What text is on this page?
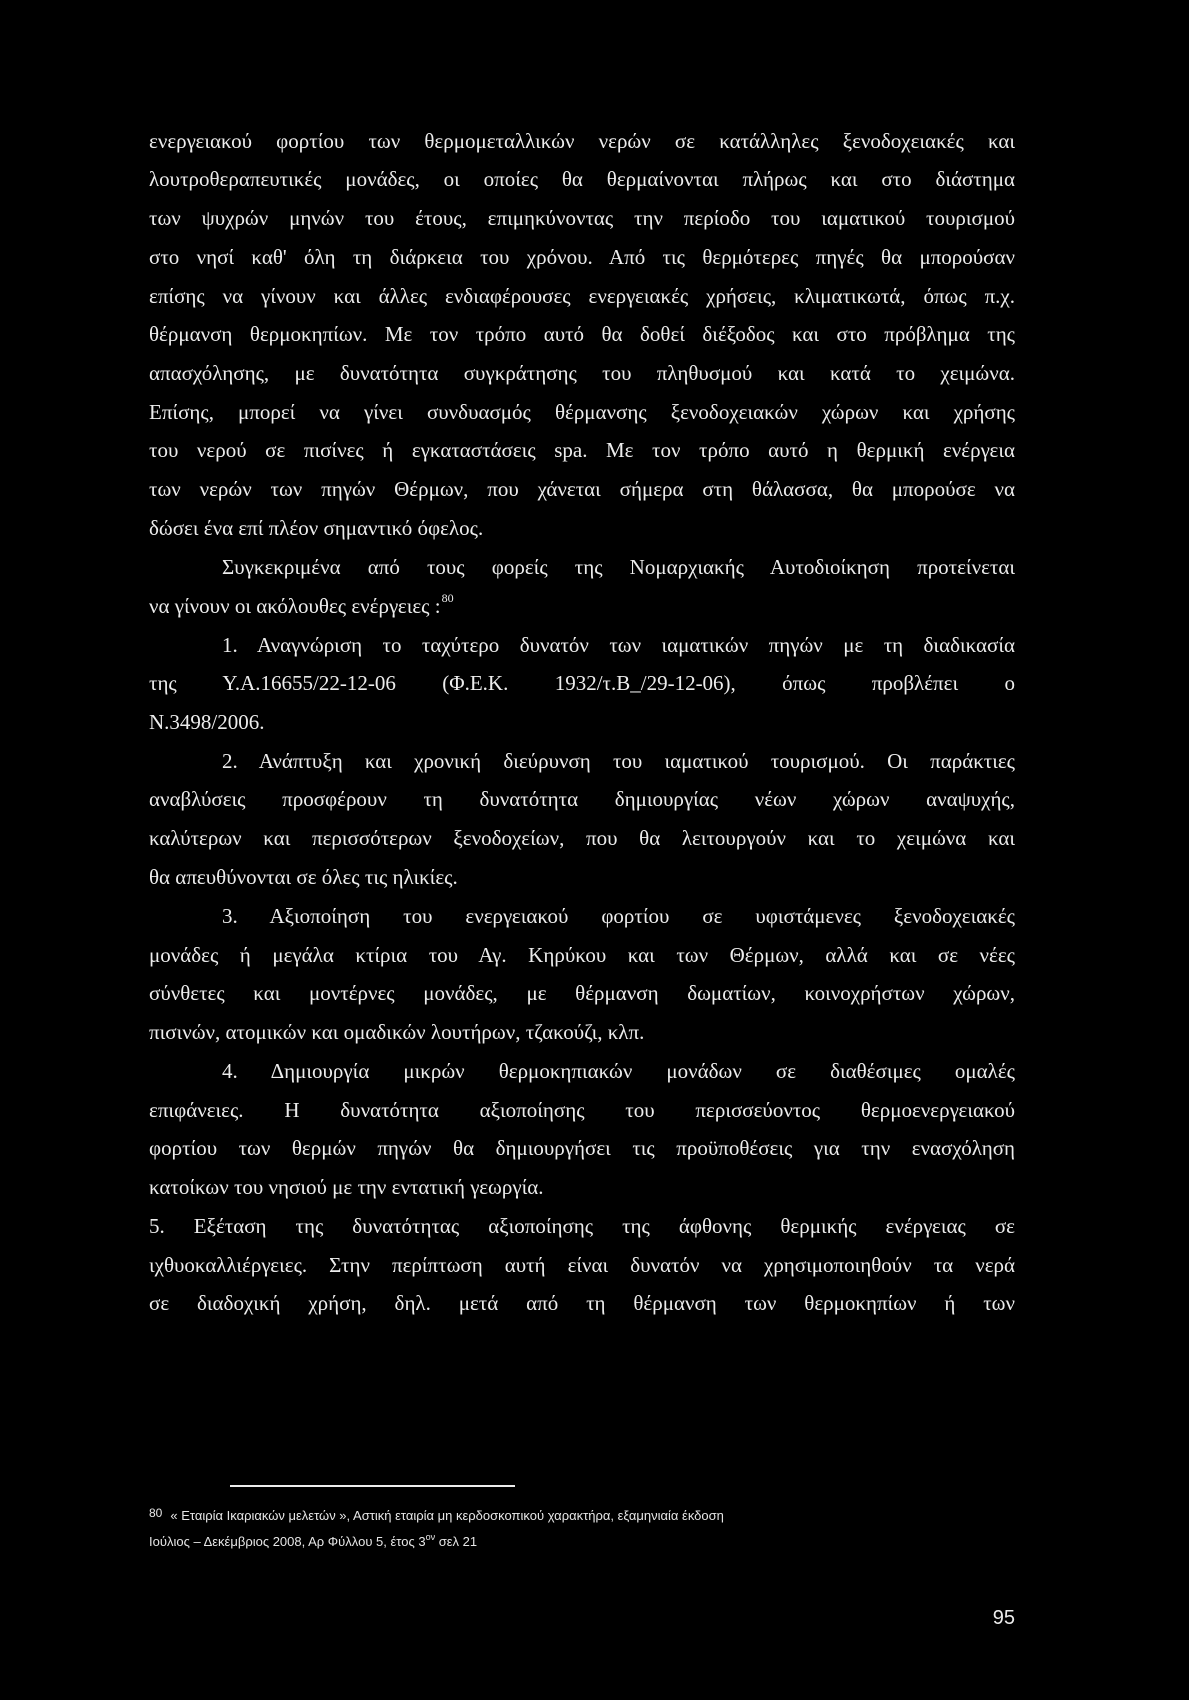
ενεργειακού φορτίου των θερμομεταλλικών νερών σε κατάλληλες ξενοδοχειακές και
λουτροθεραπευτικές μονάδες, οι οποίες θα θερμαίνονται πλήρως και στο διάστημα
των ψυχρών μηνών του έτους, επιμηκύνοντας την περίοδο του ιαματικού τουρισμού
στο νησί καθ' όλη τη διάρκεια του χρόνου. Από τις θερμότερες πηγές θα μπορούσαν
επίσης να γίνουν και άλλες ενδιαφέρουσες ενεργειακές χρήσεις, κλιματικωτά, όπως π.χ.
θέρμανση θερμοκηπίων. Με τον τρόπο αυτό θα δοθεί διέξοδος και στο πρόβλημα της
απασχόλησης, με δυνατότητα συγκράτησης του πληθυσμού και κατά το χειμώνα.
Επίσης, μπορεί να γίνει συνδυασμός θέρμανσης ξενοδοχειακών χώρων και χρήσης
του νερού σε πισίνες ή εγκαταστάσεις spa. Με τον τρόπο αυτό η θερμική ενέργεια
των νερών των πηγών Θέρμων, που χάνεται σήμερα στη θάλασσα, θα μπορούσε να
δώσει ένα επί πλέον σημαντικό όφελος.
Συγκεκριμένα από τους φορείς της Νομαρχιακής Αυτοδιοίκηση προτείνεται
να γίνουν οι ακόλουθες ενέργειες :$^{80}$
1. Αναγνώριση το ταχύτερο δυνατόν των ιαματικών πηγών με τη διαδικασία
της Υ.Α.16655/22-12-06 (Φ.Ε.Κ. 1932/τ.Β_/29-12-06), όπως προβλέπει ο
Ν.3498/2006.
2. Ανάπτυξη και χρονική διεύρυνση του ιαματικού τουρισμού. Οι παράκτιες
αναβλύσεις προσφέρουν τη δυνατότητα δημιουργίας νέων χώρων αναψυχής,
καλύτερων και περισσότερων ξενοδοχείων, που θα λειτουργούν και το χειμώνα και
θα απευθύνονται σε όλες τις ηλικίες.
3. Αξιοποίηση του ενεργειακού φορτίου σε υφιστάμενες ξενοδοχειακές
μονάδες ή μεγάλα κτίρια του Αγ. Κηρύκου και των Θέρμων, αλλά και σε νέες
σύνθετες και μοντέρνες μονάδες, με θέρμανση δωματίων, κοινοχρήστων χώρων,
πισινών, ατομικών και ομαδικών λουτήρων, τζακούζι, κλπ.
4. Δημιουργία μικρών θερμοκηπιακών μονάδων σε διαθέσιμες ομαλές
επιφάνειες. Η δυνατότητα αξιοποίησης του περισσεύοντος θερμοενεργειακού
φορτίου των θερμών πηγών θα δημιουργήσει τις προϋποθέσεις για την ενασχόληση
κατοίκων του νησιού με την εντατική γεωργία.
5. Εξέταση της δυνατότητας αξιοποίησης της άφθονης θερμικής ενέργειας σε
ιχθυοκαλλιέργειες. Στην περίπτωση αυτή είναι δυνατόν να χρησιμοποιηθούν τα νερά
σε διαδοχική χρήση, δηλ. μετά από τη θέρμανση των θερμοκηπίων ή των
80 « Εταιρία Ικαριακών μελετών », Αστική εταιρία μη κερδοσκοπικού χαρακτήρα, εξαμηνιαία έκδοση
Ιούλιος – Δεκέμβριος 2008, Αρ Φύλλου 5, έτος $3^{o\nu}$ σελ 21
95
